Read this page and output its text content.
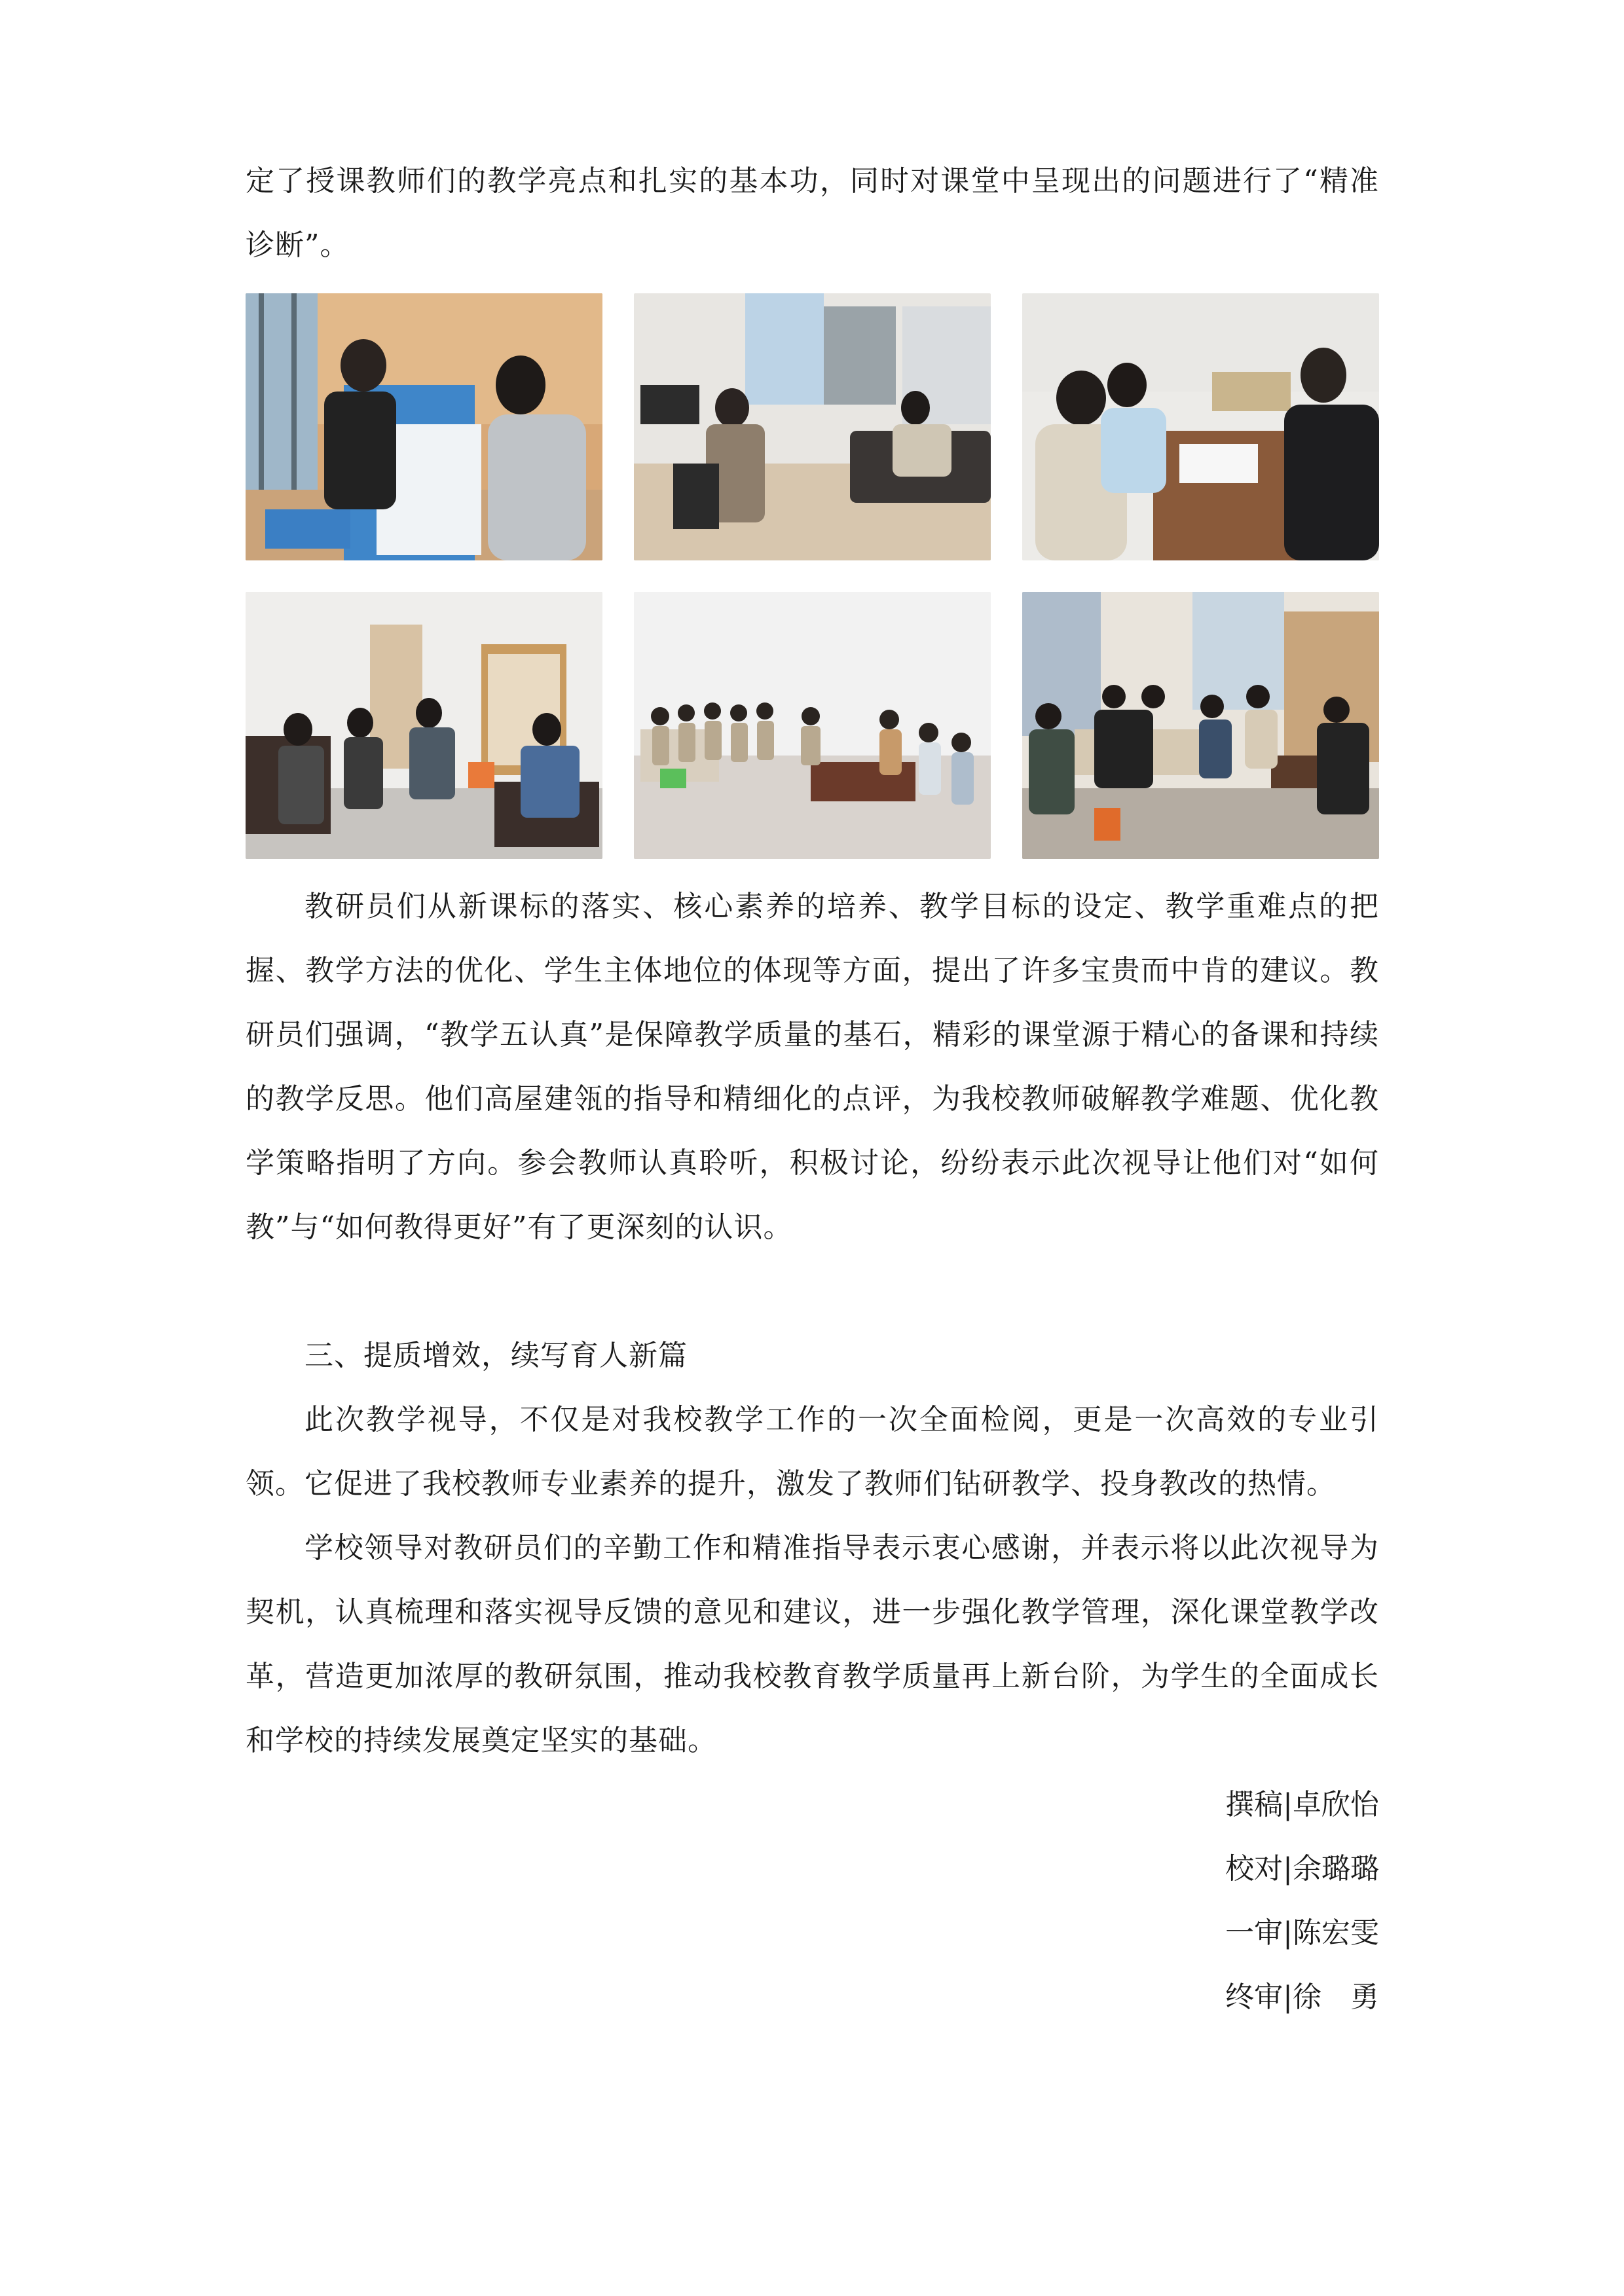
定了授课教师们的教学亮点和扎实的基本功，同时对课堂中呈现出的问题进行了“精准诊断”。

教研员们从新课标的落实、核心素养的培养、教学目标的设定、教学重难点的把握、教学方法的优化、学生主体地位的体现等方面，提出了许多宝贵而中肯的建议。教研员们强调，“教学五认真”是保障教学质量的基石，精彩的课堂源于精心的备课和持续的教学反思。他们高屋建瓴的指导和精细化的点评，为我校教师破解教学难题、优化教学策略指明了方向。参会教师认真聆听，积极讨论，纷纷表示此次视导让他们对“如何教”与“如何教得更好”有了更深刻的认识。

三、提质增效，续写育人新篇

此次教学视导，不仅是对我校教学工作的一次全面检阅，更是一次高效的专业引领。它促进了我校教师专业素养的提升，激发了教师们钻研教学、投身教改的热情。

学校领导对教研员们的辛勤工作和精准指导表示衷心感谢，并表示将以此次视导为契机，认真梳理和落实视导反馈的意见和建议，进一步强化教学管理，深化课堂教学改革，营造更加浓厚的教研氛围，推动我校教育教学质量再上新台阶，为学生的全面成长和学校的持续发展奠定坚实的基础。

撰稿|卓欣怡
校对|余璐璐
一审|陈宏雯
终审|徐　勇
